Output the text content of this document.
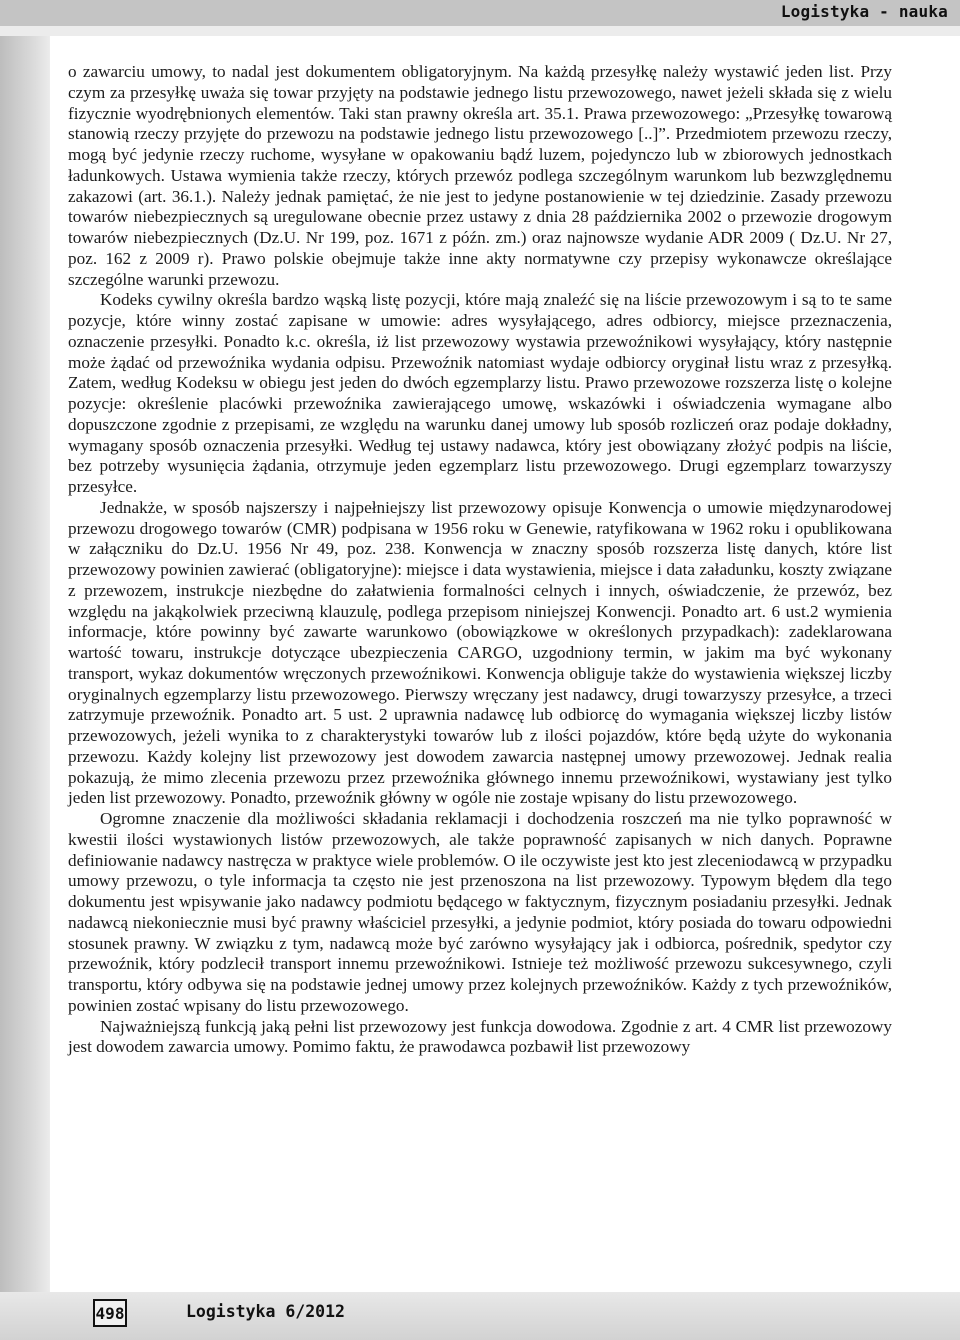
Logistyka - nauka

o zawarciu umowy, to nadal jest dokumentem obligatoryjnym. Na każdą przesyłkę należy wystawić jeden list. Przy czym za przesyłkę uważa się towar przyjęty na podstawie jednego listu przewozowego, nawet jeżeli składa się z wielu fizycznie wyodrębnionych elementów. Taki stan prawny określa art. 35.1. Prawa przewozowego: „Przesyłkę towarową stanowią rzeczy przyjęte do przewozu na podstawie jednego listu przewozowego [..]”. Przedmiotem przewozu rzeczy, mogą być jedynie rzeczy ruchome, wysyłane w opakowaniu bądź luzem, pojedynczo lub w zbiorowych jednostkach ładunkowych. Ustawa wymienia także rzeczy, których przewóz podlega szczególnym warunkom lub bezwzględnemu zakazowi (art. 36.1.). Należy jednak pamiętać, że nie jest to jedyne postanowienie w tej dziedzinie. Zasady przewozu towarów niebezpiecznych są uregulowane obecnie przez ustawy z dnia 28 października 2002 o przewozie drogowym towarów niebezpiecznych (Dz.U. Nr 199, poz. 1671 z późn. zm.) oraz najnowsze wydanie ADR 2009 ( Dz.U. Nr 27, poz. 162 z 2009 r). Prawo polskie obejmuje także inne akty normatywne czy przepisy wykonawcze określające szczególne warunki przewozu.

Kodeks cywilny określa bardzo wąską listę pozycji, które mają znaleźć się na liście przewozowym i są to te same pozycje, które winny zostać zapisane w umowie: adres wysyłającego, adres odbiorcy, miejsce przeznaczenia, oznaczenie przesyłki. Ponadto k.c. określa, iż list przewozowy wystawia przewoźnikowi wysyłający, który następnie może żądać od przewoźnika wydania odpisu. Przewoźnik natomiast wydaje odbiorcy oryginał listu wraz z przesyłką. Zatem, według Kodeksu w obiegu jest jeden do dwóch egzemplarzy listu. Prawo przewozowe rozszerza listę o kolejne pozycje: określenie placówki przewoźnika zawierającego umowę, wskazówki i oświadczenia wymagane albo dopuszczone zgodnie z przepisami, ze względu na warunku danej umowy lub sposób rozliczeń oraz podaje dokładny, wymagany sposób oznaczenia przesyłki. Według tej ustawy nadawca, który jest obowiązany złożyć podpis na liście, bez potrzeby wysunięcia żądania, otrzymuje jeden egzemplarz listu przewozowego. Drugi egzemplarz towarzyszy przesyłce.

Jednakże, w sposób najszerszy i najpełniejszy list przewozowy opisuje Konwencja o umowie międzynarodowej przewozu drogowego towarów (CMR) podpisana w 1956 roku w Genewie, ratyfikowana w 1962 roku i opublikowana w załączniku do Dz.U. 1956 Nr 49, poz. 238. Konwencja w znaczny sposób rozszerza listę danych, które list przewozowy powinien zawierać (obligatoryjne): miejsce i data wystawienia, miejsce i data załadunku, koszty związane z przewozem, instrukcje niezbędne do załatwienia formalności celnych i innych, oświadczenie, że przewóz, bez względu na jakąkolwiek przeciwną klauzulę, podlega przepisom niniejszej Konwencji. Ponadto art. 6 ust.2 wymienia informacje, które powinny być zawarte warunkowo (obowiązkowe w określonych przypadkach): zadeklarowana wartość towaru, instrukcje dotyczące ubezpieczenia CARGO, uzgodniony termin, w jakim ma być wykonany transport, wykaz dokumentów wręczonych przewoźnikowi. Konwencja obliguje także do wystawienia większej liczby oryginalnych egzemplarzy listu przewozowego. Pierwszy wręczany jest nadawcy, drugi towarzyszy przesyłce, a trzeci zatrzymuje przewoźnik. Ponadto art. 5 ust. 2 uprawnia nadawcę lub odbiorcę do wymagania większej liczby listów przewozowych, jeżeli wynika to z charakterystyki towarów lub z ilości pojazdów, które będą użyte do wykonania przewozu. Każdy kolejny list przewozowy jest dowodem zawarcia następnej umowy przewozowej. Jednak realia pokazują, że mimo zlecenia przewozu przez przewoźnika głównego innemu przewoźnikowi, wystawiany jest tylko jeden list przewozowy. Ponadto, przewoźnik główny w ogóle nie zostaje wpisany do listu przewozowego.

Ogromne znaczenie dla możliwości składania reklamacji i dochodzenia roszczeń ma nie tylko poprawność w kwestii ilości wystawionych listów przewozowych, ale także poprawność zapisanych w nich danych. Poprawne definiowanie nadawcy nastręcza w praktyce wiele problemów. O ile oczywiste jest kto jest zleceniodawcą w przypadku umowy przewozu, o tyle informacja ta często nie jest przenoszona na list przewozowy. Typowym błędem dla tego dokumentu jest wpisywanie jako nadawcy podmiotu będącego w faktycznym, fizycznym posiadaniu przesyłki. Jednak nadawcą niekoniecznie musi być prawny właściciel przesyłki, a jedynie podmiot, który posiada do towaru odpowiedni stosunek prawny. W związku z tym, nadawcą może być zarówno wysyłający jak i odbiorca, pośrednik, spedytor czy przewoźnik, który podzlecił transport innemu przewoźnikowi. Istnieje też możliwość przewozu sukcesywnego, czyli transportu, który odbywa się na podstawie jednej umowy przez kolejnych przewoźników. Każdy z tych przewoźników, powinien zostać wpisany do listu przewozowego.

Najważniejszą funkcją jaką pełni list przewozowy jest funkcja dowodowa. Zgodnie z art. 4 CMR list przewozowy jest dowodem zawarcia umowy. Pomimo faktu, że prawodawca pozbawił list przewozowy

498	Logistyka 6/2012
